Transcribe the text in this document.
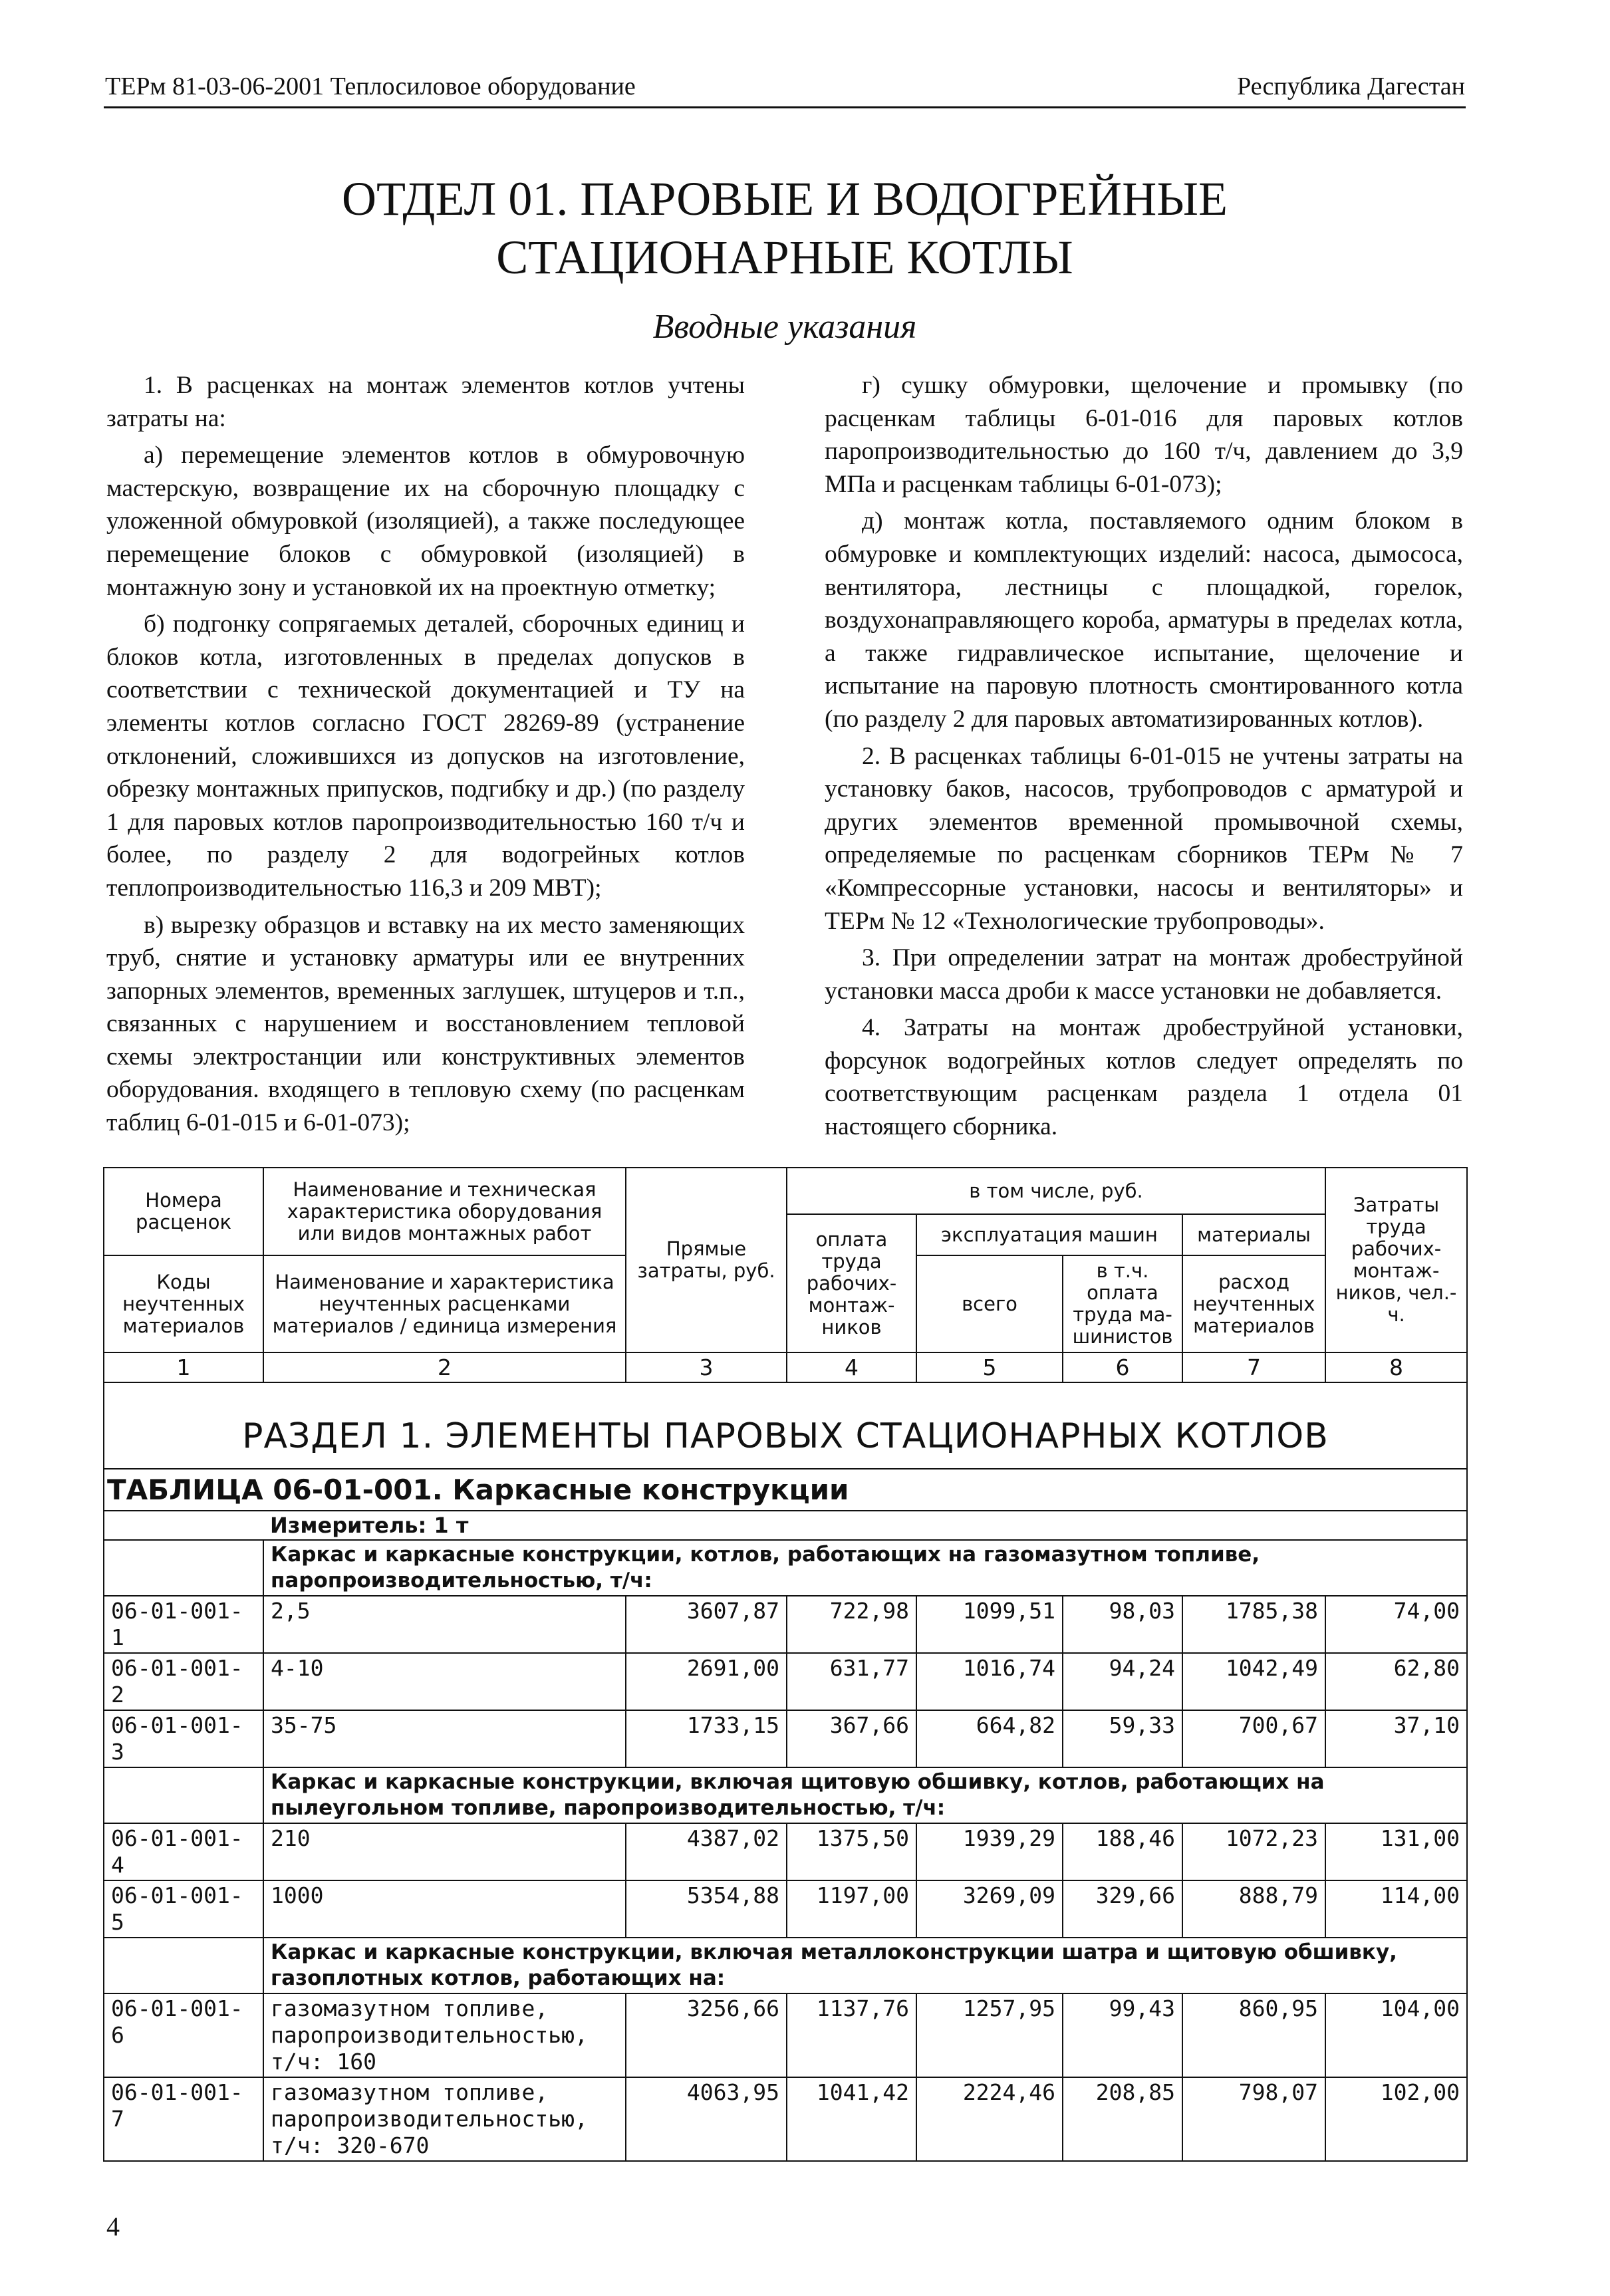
ТЕРм 81-03-06-2001 Теплосиловое оборудование	Республика Дагестан
ОТДЕЛ 01. ПАРОВЫЕ И ВОДОГРЕЙНЫЕ
СТАЦИОНАРНЫЕ КОТЛЫ
Вводные указания

1. В расценках на монтаж элементов котлов учтены затраты на:

а) перемещение элементов котлов в обмуровочную мастерскую, возвращение их на сборочную площадку с уложенной обмуровкой (изоляцией), а также последующее перемещение блоков с обмуровкой (изоляцией) в монтажную зону и установкой их на проектную отметку;

б) подгонку сопрягаемых деталей, сборочных единиц и блоков котла, изготовленных в пределах допусков в соответствии с технической документацией и ТУ на элементы котлов согласно ГОСТ 28269-89 (устранение отклонений, сложившихся из допусков на изготовление, обрезку монтажных припусков, подгибку и др.) (по разделу 1 для паровых котлов паропроизводительностью 160 т/ч и более, по разделу 2 для водогрейных котлов теплопроизводительностью 116,3 и 209 МВТ);

в) вырезку образцов и вставку на их место заменяющих труб, снятие и установку арматуры или ее внутренних запорных элементов, временных заглушек, штуцеров и т.п., связанных с нарушением и восстановлением тепловой схемы электростанции или конструктивных элементов оборудования. входящего в тепловую схему (по расценкам таблиц 6-01-015 и 6-01-073);

г) сушку обмуровки, щелочение и промывку (по расценкам таблицы 6-01-016 для паровых котлов паропроизводительностью до 160 т/ч, давлением до 3,9 МПа и расценкам таблицы 6-01-073);

д) монтаж котла, поставляемого одним блоком в обмуровке и комплектующих изделий: насоса, дымососа, вентилятора, лестницы с площадкой, горелок, воздухонаправляющего короба, арматуры в пределах котла, а также гидравлическое испытание, щелочение и испытание на паровую плотность смонтированного котла (по разделу 2 для паровых автоматизированных котлов).

2. В расценках таблицы 6-01-015 не учтены затраты на установку баков, насосов, трубопроводов с арматурой и других элементов временной промывочной схемы, определяемые по расценкам сборников ТЕРм № 7 «Компрессорные установки, насосы и вентиляторы» и ТЕРм № 12 «Технологические трубопроводы».

3. При определении затрат на монтаж дробеструйной установки масса дроби к массе установки не добавляется.

4. Затраты на монтаж дробеструйной установки, форсунок водогрейных котлов следует определять по соответствующим расценкам раздела 1 отдела 01 настоящего сборника.

Номера расценок	Наименование и техническая характеристика оборудования или видов монтажных работ	Прямые затраты, руб.	в том числе, руб.				Затраты труда рабочих-монтаж-ников, чел.-ч.
			оплата труда рабочих-монтаж-ников	эксплуатация машин		материалы	
Коды неучтенных материалов	Наименование и характеристика неучтенных расценками материалов / единица измерения			всего	в т.ч. оплата труда ма-шинистов	расход неучтенных материалов	

1	2	3	4	5	6	7	8
РАЗДЕЛ 1. ЭЛЕМЕНТЫ ПАРОВЫХ СТАЦИОНАРНЫХ КОТЛОВ							
ТАБЛИЦА 06-01-001. Каркасные конструкции							
	Измеритель: 1 т						
	Каркас и каркасные конструкции, котлов, работающих на газомазутном топливе, паропроизводительностью, т/ч:						
06-01-001-1	2,5	3607,87	722,98	1099,51	98,03	1785,38	74,00
06-01-001-2	4-10	2691,00	631,77	1016,74	94,24	1042,49	62,80
06-01-001-3	35-75	1733,15	367,66	664,82	59,33	700,67	37,10
	Каркас и каркасные конструкции, включая щитовую обшивку, котлов, работающих на пылеугольном топливе, паропроизводительностью, т/ч:						
06-01-001-4	210	4387,02	1375,50	1939,29	188,46	1072,23	131,00
06-01-001-5	1000	5354,88	1197,00	3269,09	329,66	888,79	114,00
	Каркас и каркасные конструкции, включая металлоконструкции шатра и щитовую обшивку, газоплотных котлов, работающих на:						
06-01-001-6	газомазутном топливе, паропроизводительностью, т/ч: 160	3256,66	1137,76	1257,95	99,43	860,95	104,00
06-01-001-7	газомазутном топливе, паропроизводительностью, т/ч: 320-670	4063,95	1041,42	2224,46	208,85	798,07	102,00
4
